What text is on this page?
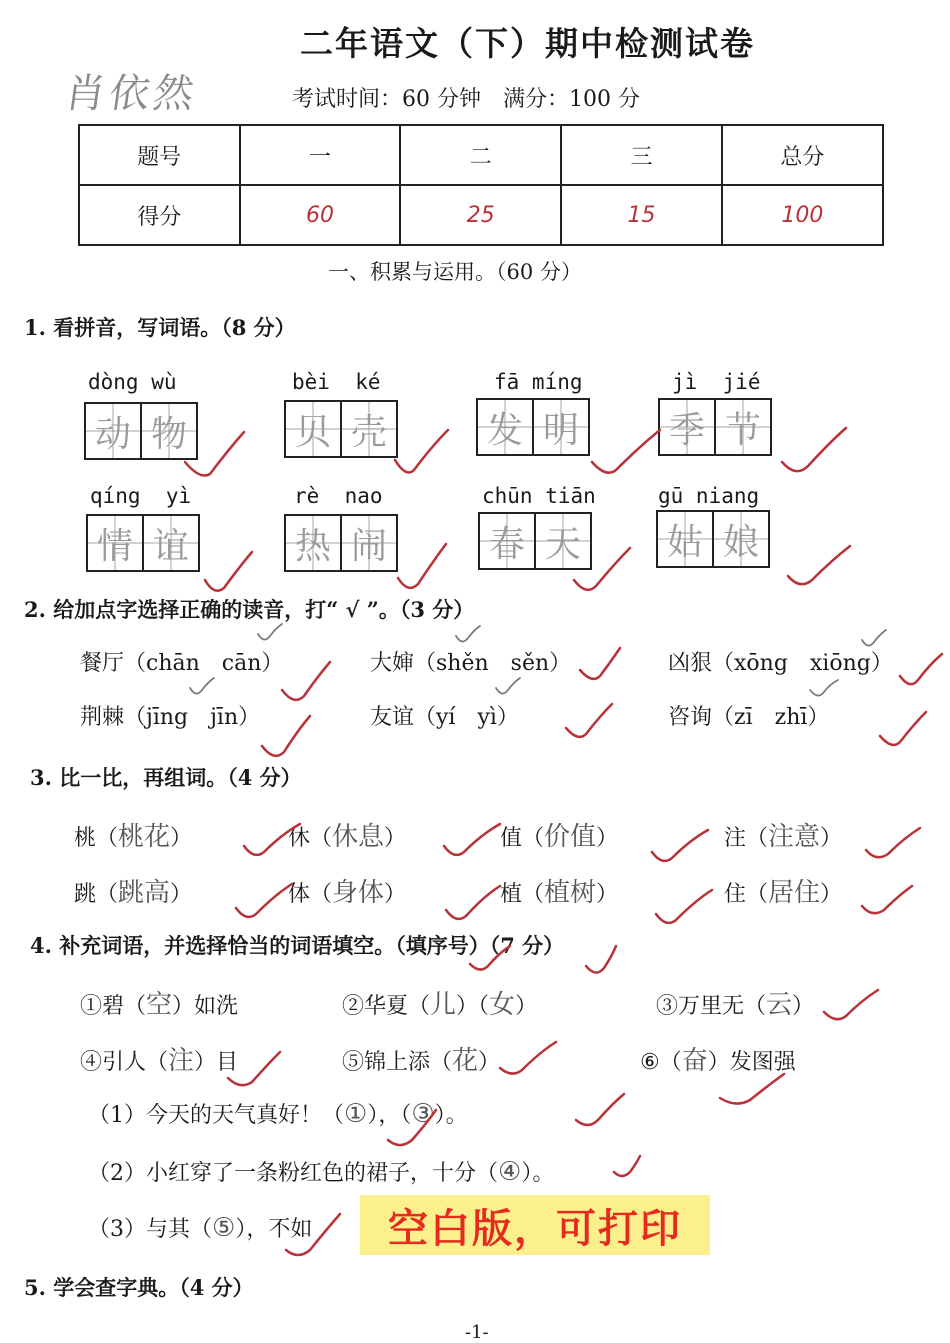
二年语文（下）期中检测试卷
肖依然	考试时间：60 分钟　满分：100 分
题号	一	二	三	总分
得分	60	25	15	100
一、积累与运用。（60 分）
1. 看拼音，写词语。（8 分）
dòng wù
动 物
bèi  ké
贝 壳
fā míng
发 明
jì  jié
季 节
qíng  yì
情 谊
rè  nao
热 闹
chūn tiān
春 天
gū niang
姑 娘
2. 给加点字选择正确的读音，打“ √ ”。（3 分）
餐厅（chān　cān）	大婶（shěn　sěn）	凶狠（xōng　xiōng）
荆棘（jīng　jīn）	友谊（yí　yì）	咨询（zī　zhī）
3. 比一比，再组词。（4 分）
桃（桃花）	休（休息）	值（价值）	注（注意）
跳（跳高）	体（身体）	植（植树）	住（居住）
4. 补充词语，并选择恰当的词语填空。（填序号）（7 分）
①碧（空）如洗	②华夏（儿）（女）	③万里无（云）
④引人（注）目	⑤锦上添（花）	⑥（奋）发图强
（1）今天的天气真好！（①），（③）。
（2）小红穿了一条粉红色的裙子，十分（④）。
（3）与其（⑤），不如	空白版，可打印
5. 学会查字典。（4 分）
-1-
